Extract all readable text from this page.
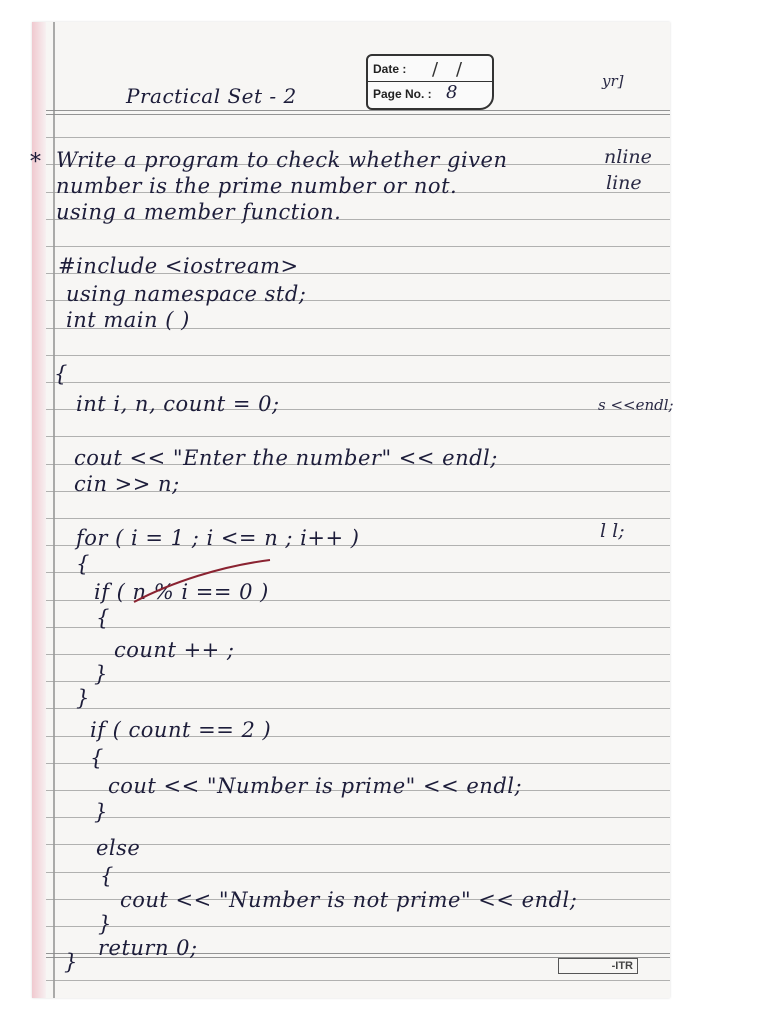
yr]
nline
line
s <<endl;
l l;
Date : / /
Page No. : 8
Practical Set - 2
* Write a program to check whether given
number is the prime number or not.
using a member function.
#include <iostream>
using namespace std;
int main ( )
{
int i, n, count = 0;
cout << "Enter the number" << endl;
cin >> n;
for ( i = 1 ; i <= n ; i++ )
{
if ( n % i == 0 )
{
count ++ ;
}
}
if ( count == 2 )
{
cout << "Number is prime" << endl;
}
else
{
cout << "Number is not prime" << endl;
}
return 0;
}	-ITR
